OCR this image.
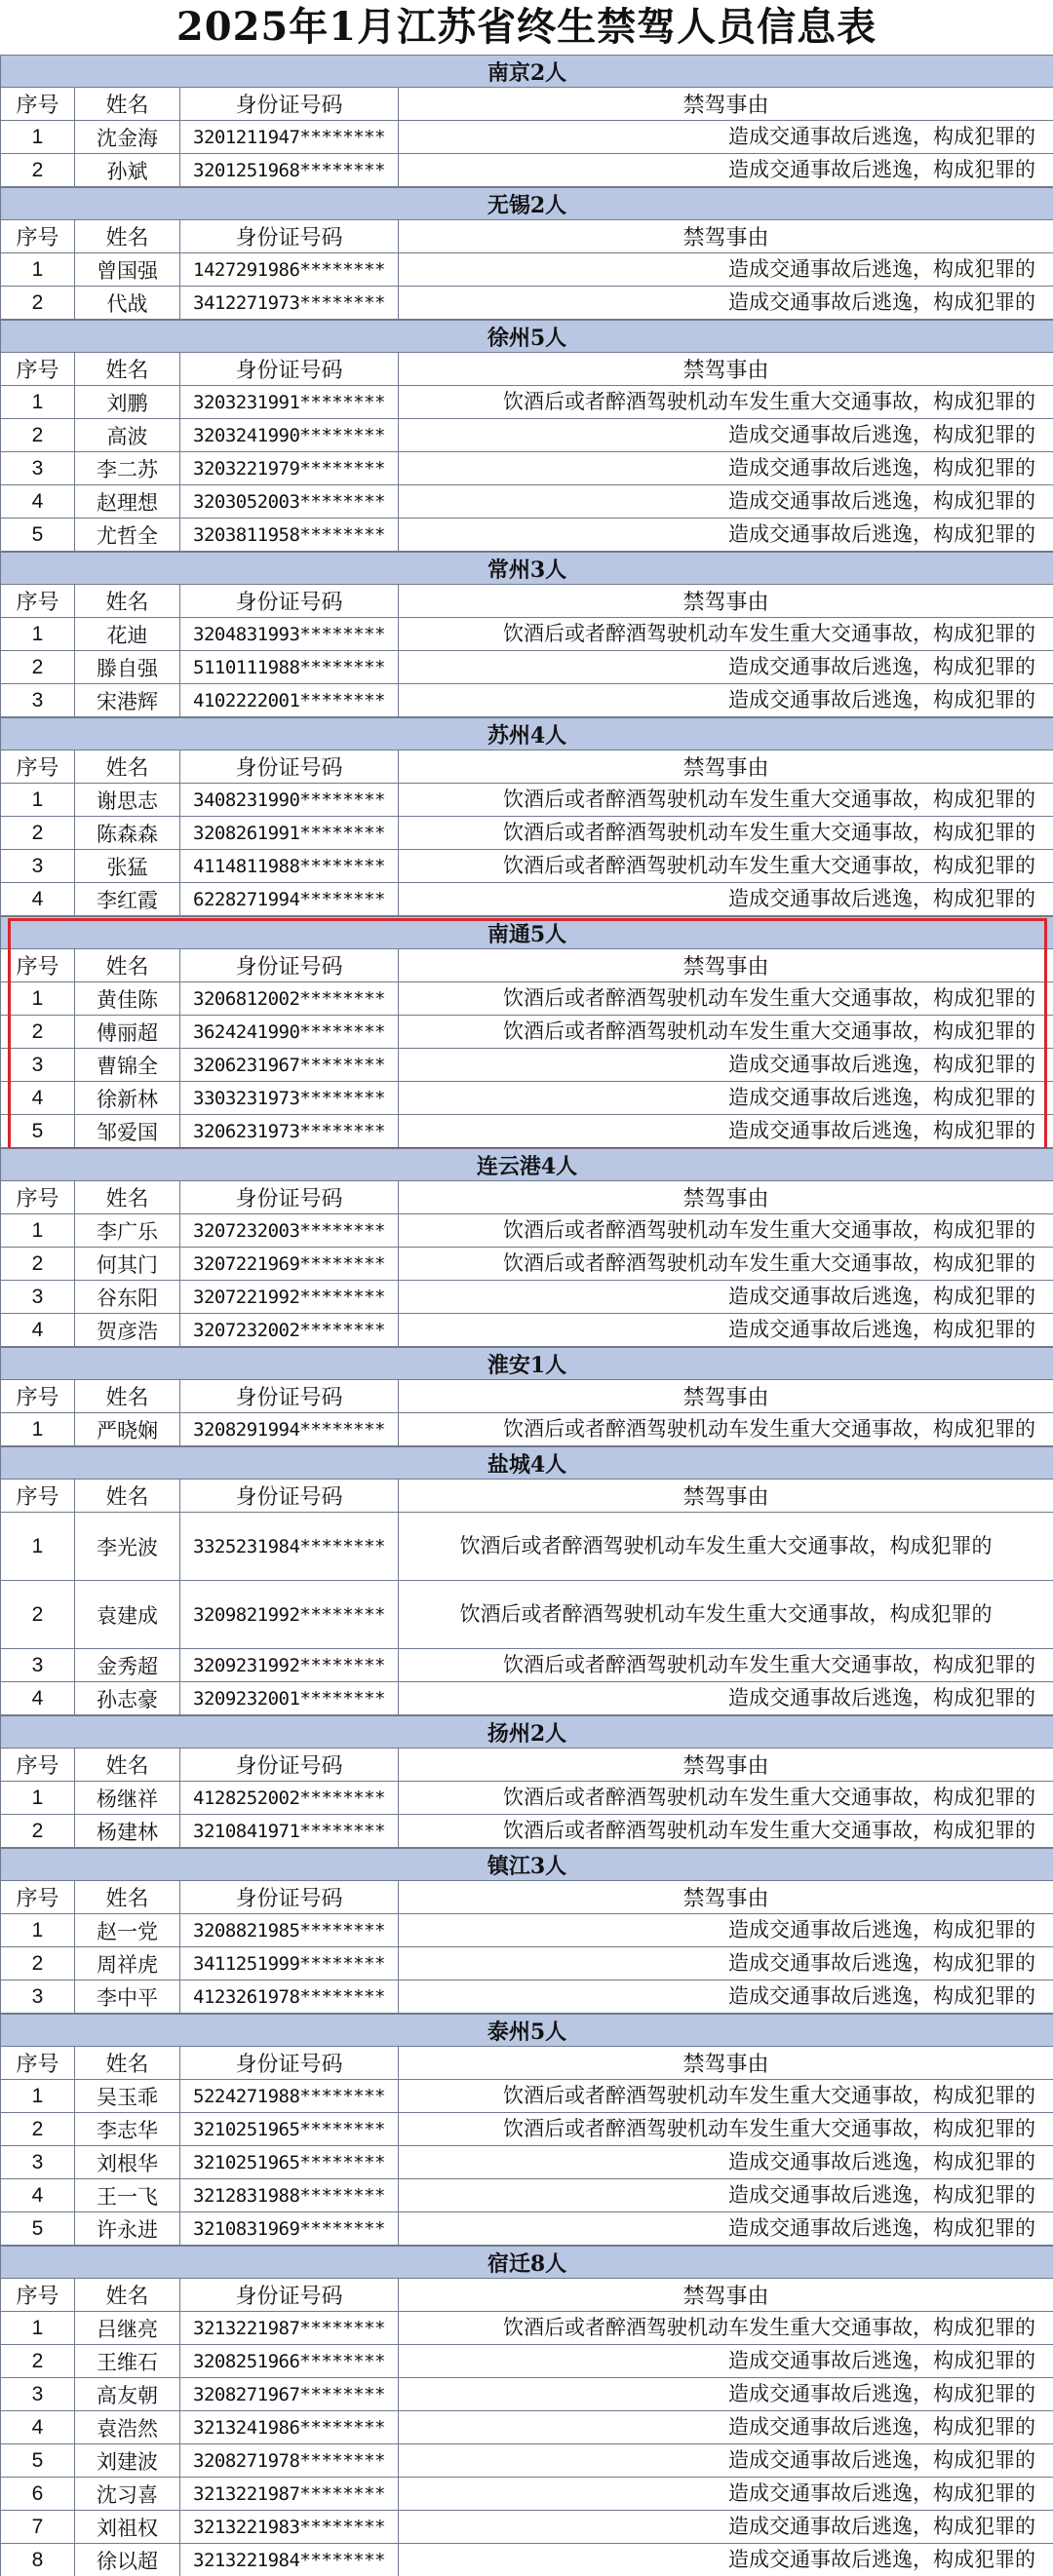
2025年1月江苏省终生禁驾人员信息表
南京2人			
序号	姓名	身份证号码	禁驾事由
1	沈金海	3201211947********	造成交通事故后逃逸，构成犯罪的
2	孙斌	3201251968********	造成交通事故后逃逸，构成犯罪的
无锡2人			
序号	姓名	身份证号码	禁驾事由
1	曾国强	1427291986********	造成交通事故后逃逸，构成犯罪的
2	代战	3412271973********	造成交通事故后逃逸，构成犯罪的
徐州5人			
序号	姓名	身份证号码	禁驾事由
1	刘鹏	3203231991********	饮酒后或者醉酒驾驶机动车发生重大交通事故，构成犯罪的
2	高波	3203241990********	造成交通事故后逃逸，构成犯罪的
3	李二苏	3203221979********	造成交通事故后逃逸，构成犯罪的
4	赵理想	3203052003********	造成交通事故后逃逸，构成犯罪的
5	尤哲全	3203811958********	造成交通事故后逃逸，构成犯罪的
常州3人			
序号	姓名	身份证号码	禁驾事由
1	花迪	3204831993********	饮酒后或者醉酒驾驶机动车发生重大交通事故，构成犯罪的
2	滕自强	5110111988********	造成交通事故后逃逸，构成犯罪的
3	宋港辉	4102222001********	造成交通事故后逃逸，构成犯罪的
苏州4人			
序号	姓名	身份证号码	禁驾事由
1	谢思志	3408231990********	饮酒后或者醉酒驾驶机动车发生重大交通事故，构成犯罪的
2	陈森森	3208261991********	饮酒后或者醉酒驾驶机动车发生重大交通事故，构成犯罪的
3	张猛	4114811988********	饮酒后或者醉酒驾驶机动车发生重大交通事故，构成犯罪的
4	李红霞	6228271994********	造成交通事故后逃逸，构成犯罪的
南通5人			
序号	姓名	身份证号码	禁驾事由
1	黄佳陈	3206812002********	饮酒后或者醉酒驾驶机动车发生重大交通事故，构成犯罪的
2	傅丽超	3624241990********	饮酒后或者醉酒驾驶机动车发生重大交通事故，构成犯罪的
3	曹锦全	3206231967********	造成交通事故后逃逸，构成犯罪的
4	徐新林	3303231973********	造成交通事故后逃逸，构成犯罪的
5	邹爱国	3206231973********	造成交通事故后逃逸，构成犯罪的
连云港4人			
序号	姓名	身份证号码	禁驾事由
1	李广乐	3207232003********	饮酒后或者醉酒驾驶机动车发生重大交通事故，构成犯罪的
2	何其门	3207221969********	饮酒后或者醉酒驾驶机动车发生重大交通事故，构成犯罪的
3	谷东阳	3207221992********	造成交通事故后逃逸，构成犯罪的
4	贺彦浩	3207232002********	造成交通事故后逃逸，构成犯罪的
淮安1人			
序号	姓名	身份证号码	禁驾事由
1	严晓娴	3208291994********	饮酒后或者醉酒驾驶机动车发生重大交通事故，构成犯罪的
盐城4人			
序号	姓名	身份证号码	禁驾事由
1	李光波	3325231984********	饮酒后或者醉酒驾驶机动车发生重大交通事故，构成犯罪的
2	袁建成	3209821992********	饮酒后或者醉酒驾驶机动车发生重大交通事故，构成犯罪的
3	金秀超	3209231992********	饮酒后或者醉酒驾驶机动车发生重大交通事故，构成犯罪的
4	孙志豪	3209232001********	造成交通事故后逃逸，构成犯罪的
扬州2人			
序号	姓名	身份证号码	禁驾事由
1	杨继祥	4128252002********	饮酒后或者醉酒驾驶机动车发生重大交通事故，构成犯罪的
2	杨建林	3210841971********	饮酒后或者醉酒驾驶机动车发生重大交通事故，构成犯罪的
镇江3人			
序号	姓名	身份证号码	禁驾事由
1	赵一党	3208821985********	造成交通事故后逃逸，构成犯罪的
2	周祥虎	3411251999********	造成交通事故后逃逸，构成犯罪的
3	李中平	4123261978********	造成交通事故后逃逸，构成犯罪的
泰州5人			
序号	姓名	身份证号码	禁驾事由
1	吴玉乖	5224271988********	饮酒后或者醉酒驾驶机动车发生重大交通事故，构成犯罪的
2	李志华	3210251965********	饮酒后或者醉酒驾驶机动车发生重大交通事故，构成犯罪的
3	刘根华	3210251965********	造成交通事故后逃逸，构成犯罪的
4	王一飞	3212831988********	造成交通事故后逃逸，构成犯罪的
5	许永进	3210831969********	造成交通事故后逃逸，构成犯罪的
宿迁8人			
序号	姓名	身份证号码	禁驾事由
1	吕继亮	3213221987********	饮酒后或者醉酒驾驶机动车发生重大交通事故，构成犯罪的
2	王维石	3208251966********	造成交通事故后逃逸，构成犯罪的
3	高友朝	3208271967********	造成交通事故后逃逸，构成犯罪的
4	袁浩然	3213241986********	造成交通事故后逃逸，构成犯罪的
5	刘建波	3208271978********	造成交通事故后逃逸，构成犯罪的
6	沈习喜	3213221987********	造成交通事故后逃逸，构成犯罪的
7	刘祖权	3213221983********	造成交通事故后逃逸，构成犯罪的
8	徐以超	3213221984********	造成交通事故后逃逸，构成犯罪的
